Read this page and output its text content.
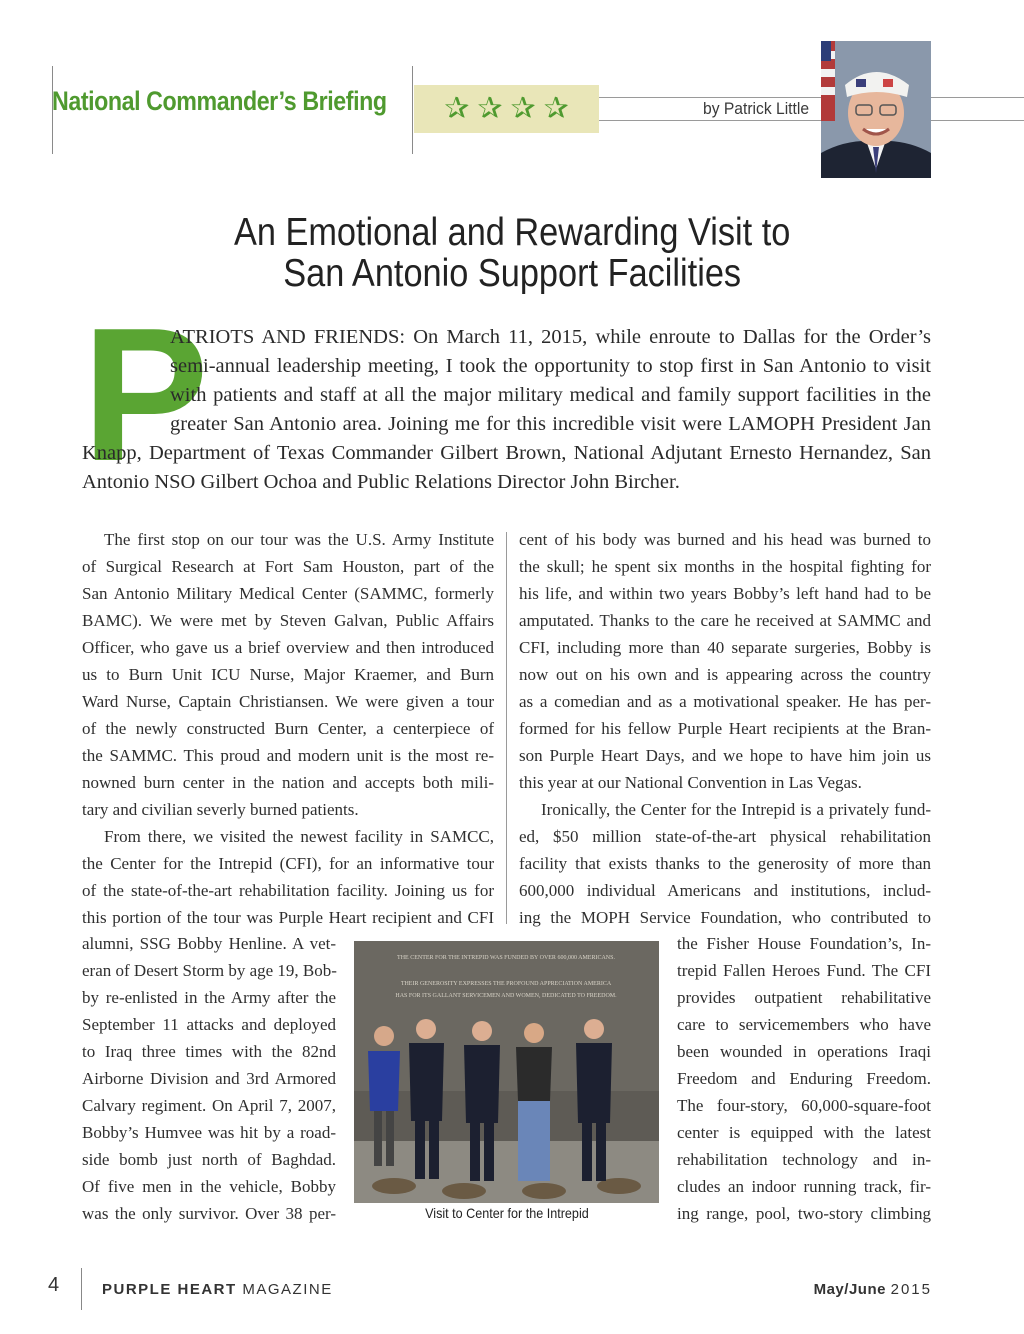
National Commander’s Briefing ✰ ✰ ✰ ✰	by Patrick Little
An Emotional and Rewarding Visit to
San Antonio Support Facilities
P
ATRIOTS AND FRIENDS: On March 11, 2015, while enroute to Dallas for the Order’s
semi-annual leadership meeting, I took the opportunity to stop first in San Antonio to visit
with patients and staff at all the major military medical and family support facilities in the
greater San Antonio area. Joining me for this incredible visit were LAMOPH President Jan
Knapp, Department of Texas Commander Gilbert Brown, National Adjutant Ernesto Hernandez, San
Antonio NSO Gilbert Ochoa and Public Relations Director John Bircher.
The first stop on our tour was the U.S. Army Institute
of Surgical Research at Fort Sam Houston, part of the
San Antonio Military Medical Center (SAMMC, formerly
BAMC). We were met by Steven Galvan, Public Affairs
Officer, who gave us a brief overview and then introduced
us to Burn Unit ICU Nurse, Major Kraemer, and Burn
Ward Nurse, Captain Christiansen. We were given a tour
of the newly constructed Burn Center, a centerpiece of
the SAMMC. This proud and modern unit is the most re-
nowned burn center in the nation and accepts both mili-
tary and civilian severly burned patients.
From there, we visited the newest facility in SAMCC,
the Center for the Intrepid (CFI), for an informative tour
of the state-of-the-art rehabilitation facility. Joining us for
this portion of the tour was Purple Heart recipient and CFI
cent of his body was burned and his head was burned to
the skull; he spent six months in the hospital fighting for
his life, and within two years Bobby’s left hand had to be
amputated. Thanks to the care he received at SAMMC and
CFI, including more than 40 separate surgeries, Bobby is
now out on his own and is appearing across the country
as a comedian and as a motivational speaker. He has per-
formed for his fellow Purple Heart recipients at the Bran-
son Purple Heart Days, and we hope to have him join us
this year at our National Convention in Las Vegas.
Ironically, the Center for the Intrepid is a privately fund-
ed, $50 million state-of-the-art physical rehabilitation
facility that exists thanks to the generosity of more than
600,000 individual Americans and institutions, includ-
ing the MOPH Service Foundation, who contributed to
alumni, SSG Bobby Henline. A vet-
eran of Desert Storm by age 19, Bob-
by re-enlisted in the Army after the
September 11 attacks and deployed
to Iraq three times with the 82nd
Airborne Division and 3rd Armored
Calvary regiment. On April 7, 2007,
Bobby’s Humvee was hit by a road-
side bomb just north of Baghdad.
Of five men in the vehicle, Bobby
was the only survivor. Over 38 per-
the Fisher House Foundation’s, In-
trepid Fallen Heroes Fund. The CFI
provides outpatient rehabilitative
care to servicemembers who have
been wounded in operations Iraqi
Freedom and Enduring Freedom.
The four-story, 60,000-square-foot
center is equipped with the latest
rehabilitation technology and in-
cludes an indoor running track, fir-
ing range, pool, two-story climbing
THE CENTER FOR THE INTREPID WAS FUNDED BY OVER 600,000 AMERICANS.
THEIR GENEROSITY EXPRESSES THE PROFOUND APPRECIATION AMERICA
HAS FOR ITS GALLANT SERVICEMEN AND WOMEN, DEDICATED TO FREEDOM.
Visit to Center for the Intrepid
4	PURPLE HEART MAGAZINE	May/June 2015
